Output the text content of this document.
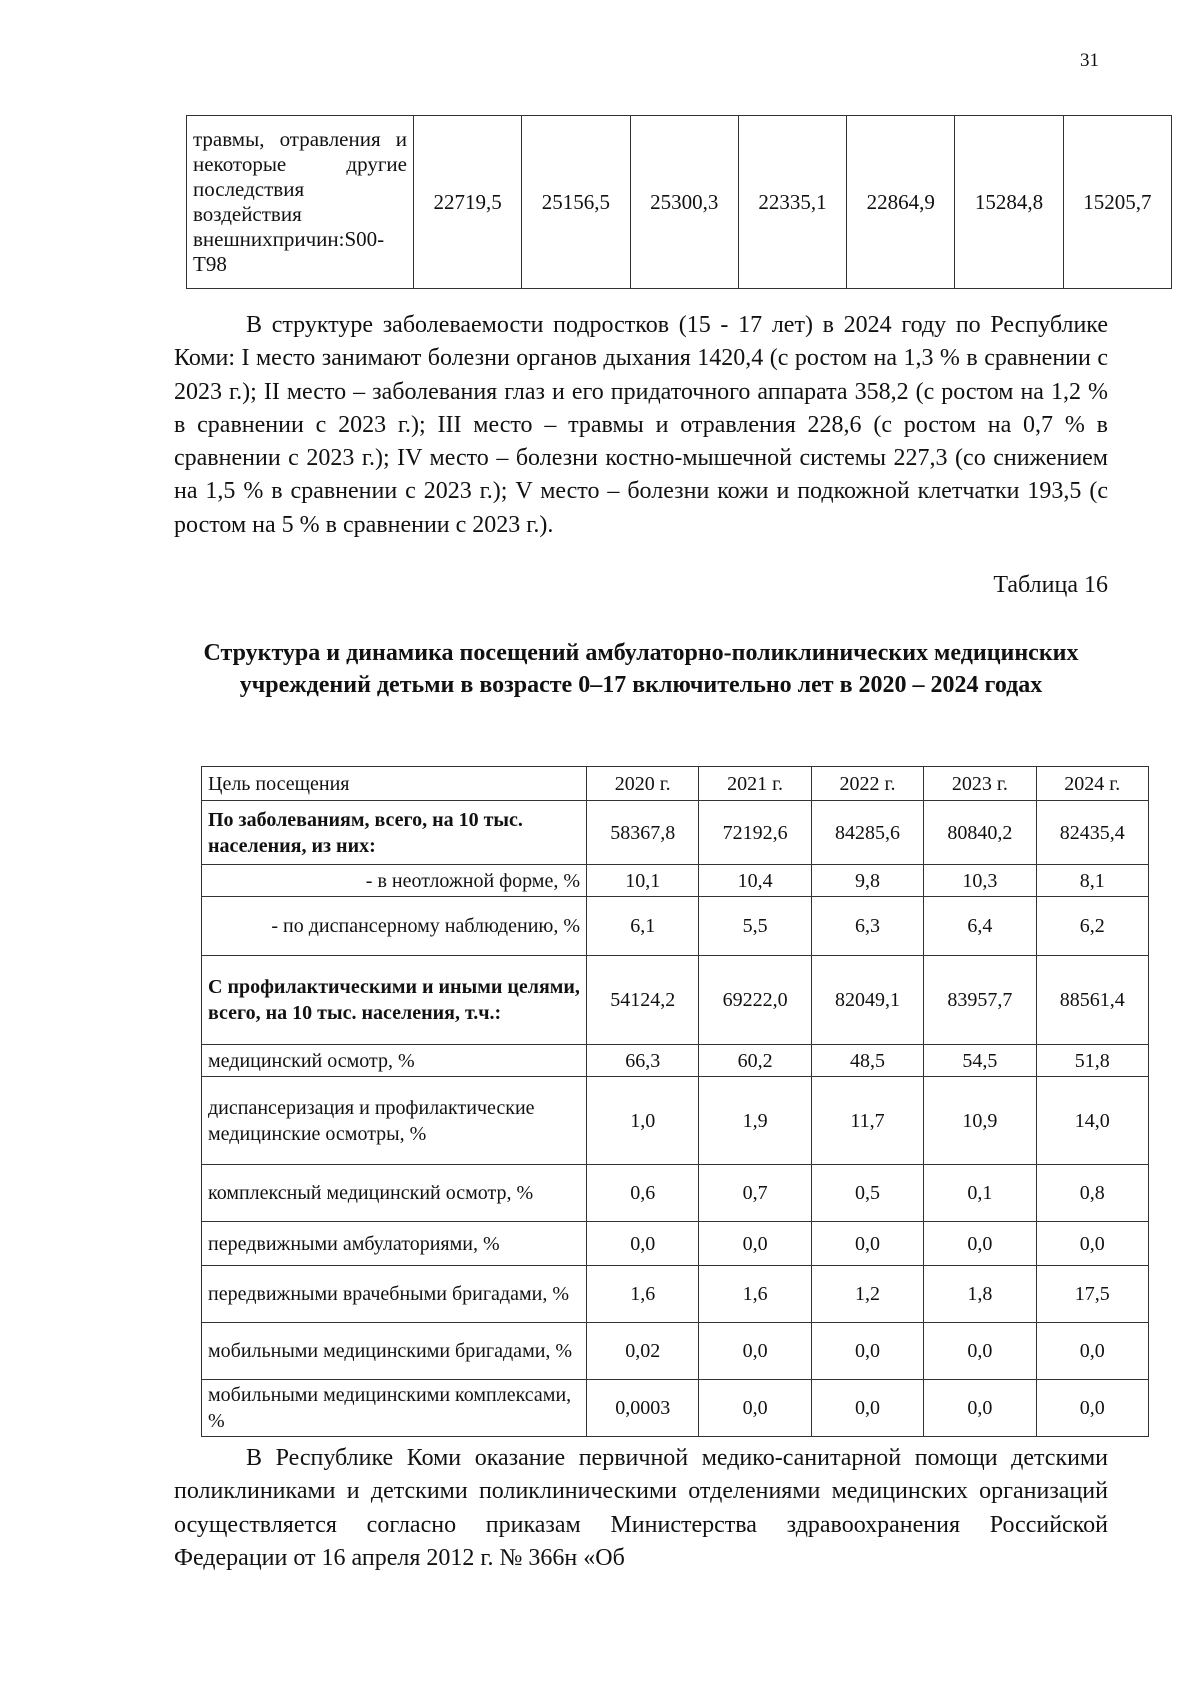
31
травмы, отравления и некоторые другие последствия воздействия внешнихпричин:S00-T98	22719,5	25156,5	25300,3	22335,1	22864,9	15284,8	15205,7
В структуре заболеваемости подростков (15 - 17 лет) в 2024 году по Республике Коми: I место занимают болезни органов дыхания 1420,4 (с ростом на 1,3 % в сравнении с 2023 г.); II место – заболевания глаз и его придаточного аппарата 358,2 (с ростом на 1,2 % в сравнении с 2023 г.); III место – травмы и отравления 228,6 (с ростом на 0,7 % в сравнении с 2023 г.); IV место – болезни костно-мышечной системы 227,3 (со снижением на 1,5 % в сравнении с 2023 г.); V место – болезни кожи и подкожной клетчатки 193,5 (с ростом на 5 % в сравнении с 2023 г.).
Таблица 16
Структура и динамика посещений амбулаторно-поликлинических медицинских учреждений детьми в возрасте 0–17 включительно лет в 2020 – 2024 годах
Цель посещения	2020 г.	2021 г.	2022 г.	2023 г.	2024 г.
По заболеваниям, всего, на 10 тыс. населения, из них:	58367,8	72192,6	84285,6	80840,2	82435,4
- в неотложной форме, %	10,1	10,4	9,8	10,3	8,1
- по диспансерному наблюдению, %	6,1	5,5	6,3	6,4	6,2
С профилактическими и иными целями, всего, на 10 тыс. населения, т.ч.:	54124,2	69222,0	82049,1	83957,7	88561,4
медицинский осмотр, %	66,3	60,2	48,5	54,5	51,8
диспансеризация и профилактические медицинские осмотры, %	1,0	1,9	11,7	10,9	14,0
комплексный медицинский осмотр, %	0,6	0,7	0,5	0,1	0,8
передвижными амбулаториями, %	0,0	0,0	0,0	0,0	0,0
передвижными врачебными бригадами, %	1,6	1,6	1,2	1,8	17,5
мобильными медицинскими бригадами, %	0,02	0,0	0,0	0,0	0,0
мобильными медицинскими комплексами, %	0,0003	0,0	0,0	0,0	0,0
В Республике Коми оказание первичной медико-санитарной помощи детскими поликлиниками и детскими поликлиническими отделениями медицинских организаций осуществляется согласно приказам Министерства здравоохранения Российской Федерации от 16 апреля 2012 г. № 366н «Об
